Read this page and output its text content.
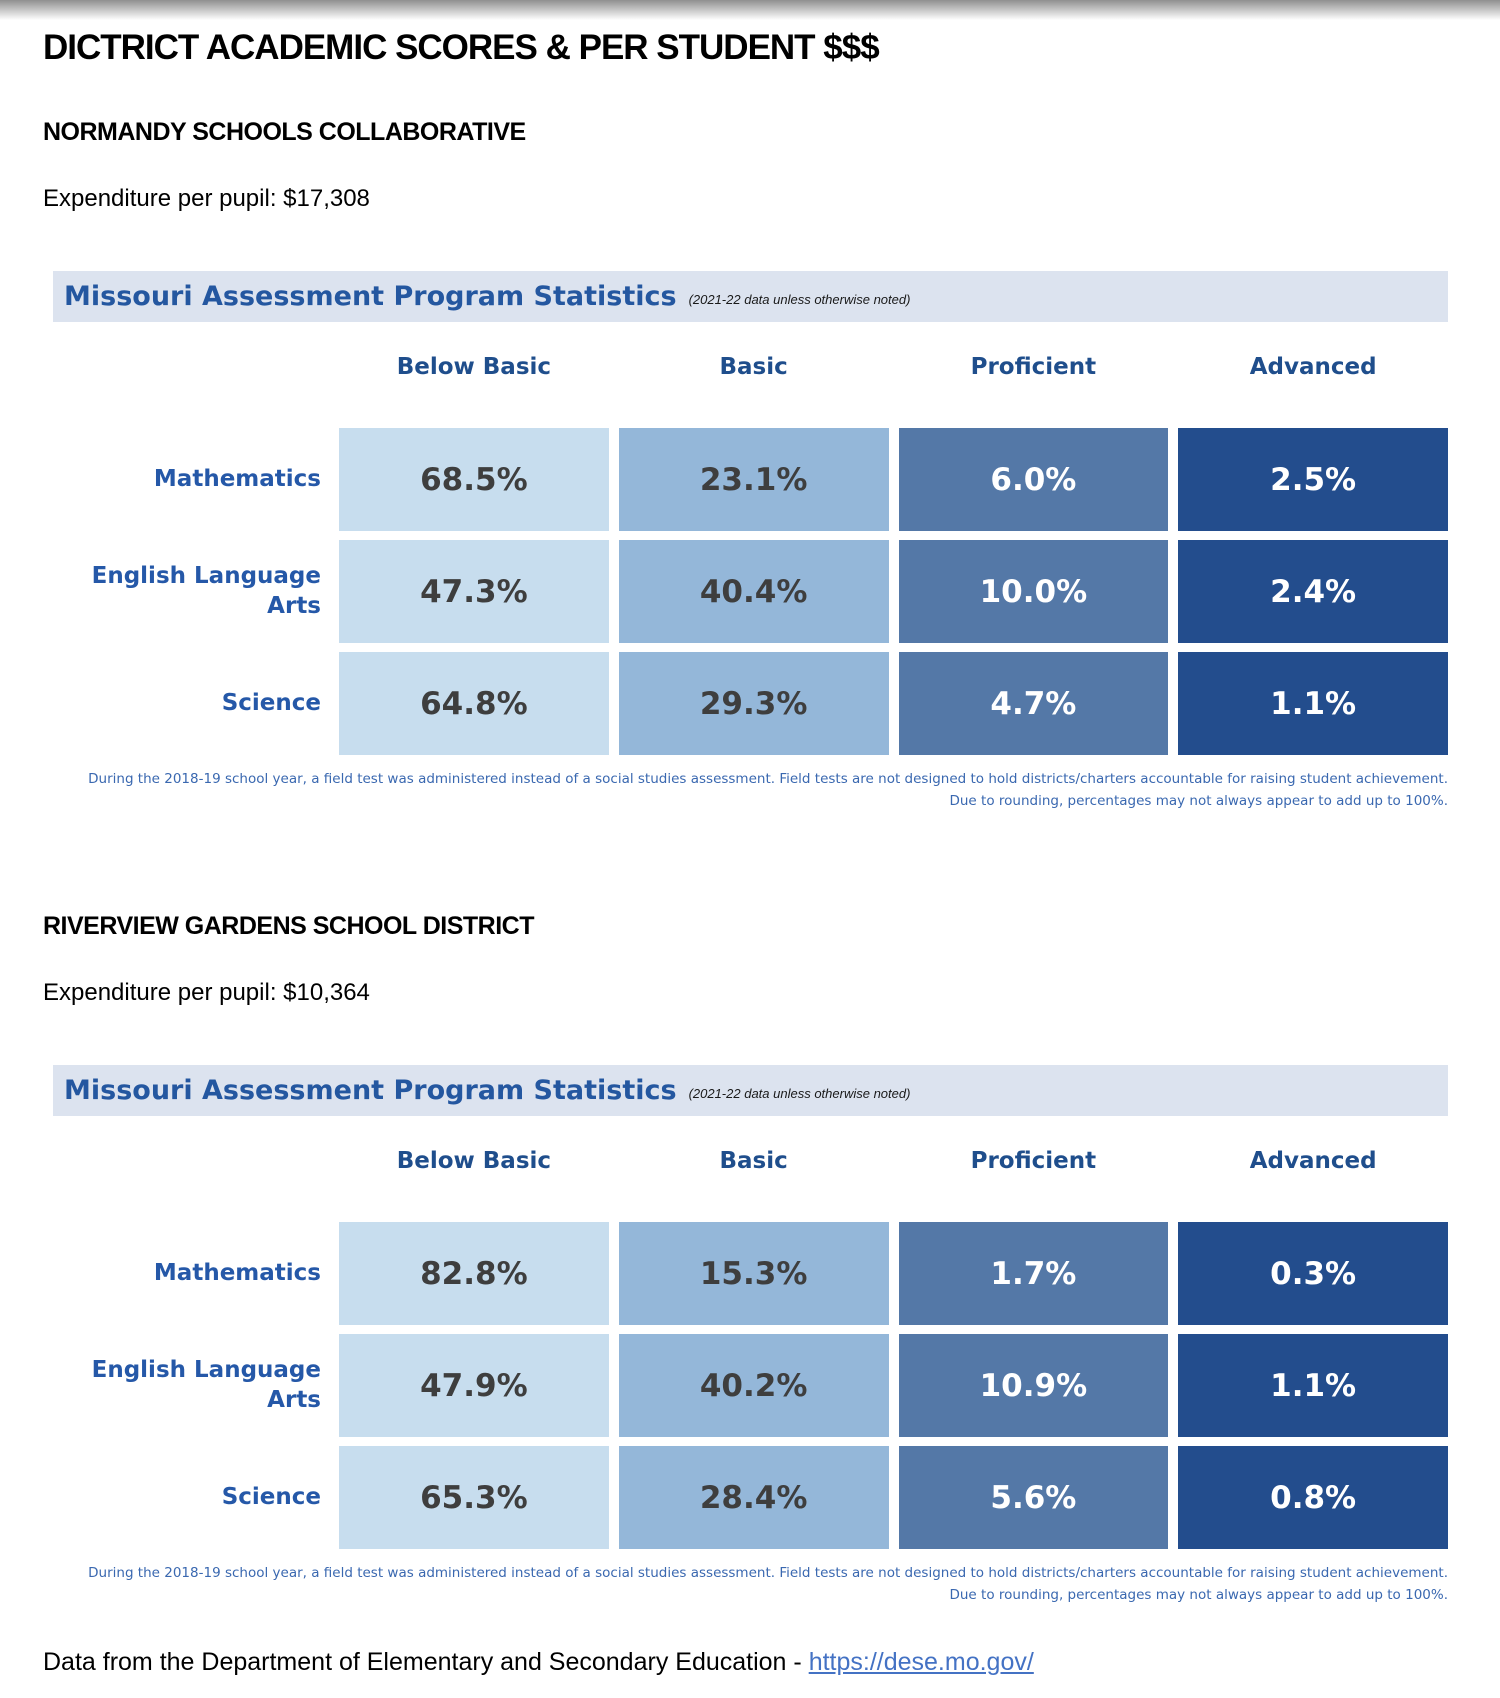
DICTRICT ACADEMIC SCORES & PER STUDENT $$$
NORMANDY SCHOOLS COLLABORATIVE

Expenditure per pupil: $17,308

Missouri Assessment Program Statistics (2021-22 data unless otherwise noted)
Below Basic	Basic	Proficient	Advanced
Mathematics	68.5%	23.1%	6.0%	2.5%
English Language Arts	47.3%	40.4%	10.0%	2.4%
Science	64.8%	29.3%	4.7%	1.1%
During the 2018-19 school year, a field test was administered instead of a social studies assessment. Field tests are not designed to hold districts/charters accountable for raising student achievement.
Due to rounding, percentages may not always appear to add up to 100%.
RIVERVIEW GARDENS SCHOOL DISTRICT

Expenditure per pupil: $10,364

Missouri Assessment Program Statistics (2021-22 data unless otherwise noted)
Below Basic	Basic	Proficient	Advanced
Mathematics	82.8%	15.3%	1.7%	0.3%
English Language Arts	47.9%	40.2%	10.9%	1.1%
Science	65.3%	28.4%	5.6%	0.8%
During the 2018-19 school year, a field test was administered instead of a social studies assessment. Field tests are not designed to hold districts/charters accountable for raising student achievement.
Due to rounding, percentages may not always appear to add up to 100%.

Data from the Department of Elementary and Secondary Education - https://dese.mo.gov/
